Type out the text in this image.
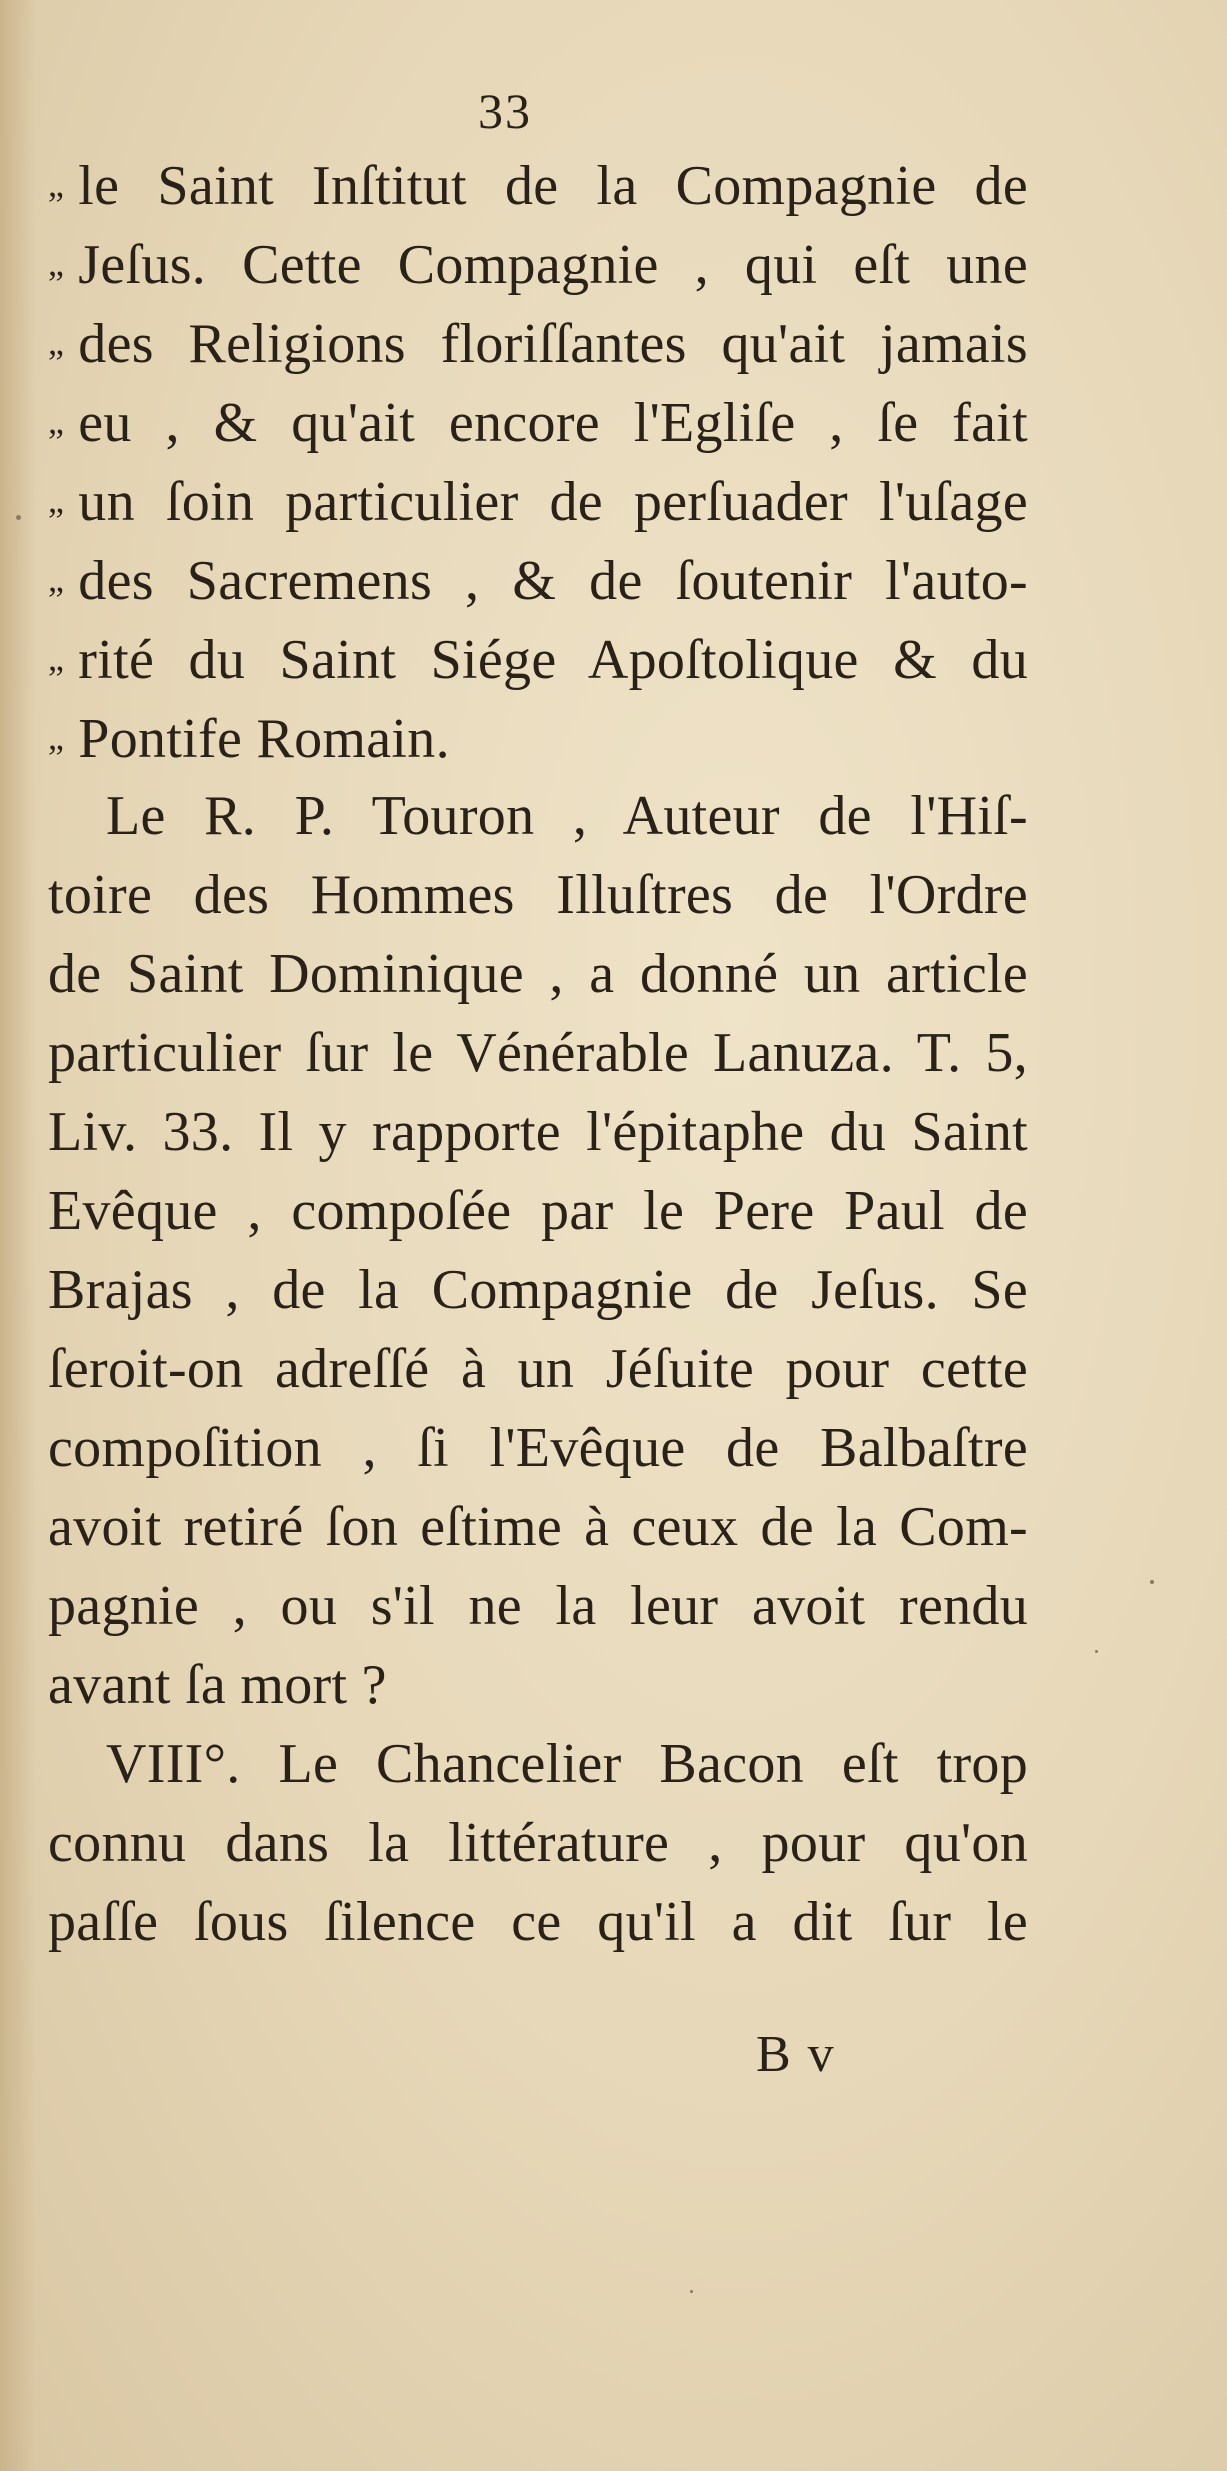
33
„ le Saint Inſtitut de la Compagnie de
„ Jeſus. Cette Compagnie , qui eſt une
„ des Religions floriſſantes qu'ait jamais
„ eu , & qu'ait encore l'Egliſe , ſe fait
„ un ſoin particulier de perſuader l'uſage
„ des Sacremens , & de ſoutenir l'auto-
„ rité du Saint Siége Apoſtolique & du
„ Pontife Romain.
Le R. P. Touron , Auteur de l'Hiſ-
toire des Hommes Illuſtres de l'Ordre
de Saint Dominique , a donné un article
particulier ſur le Vénérable Lanuza. T. 5,
Liv. 33. Il y rapporte l'épitaphe du Saint
Evêque , compoſée par le Pere Paul de
Brajas , de la Compagnie de Jeſus. Se
ſeroit-on adreſſé à un Jéſuite pour cette
compoſition , ſi l'Evêque de Balbaſtre
avoit retiré ſon eſtime à ceux de la Com-
pagnie , ou s'il ne la leur avoit rendu
avant ſa mort ?
VIII°. Le Chancelier Bacon eſt trop
connu dans la littérature , pour qu'on
paſſe ſous ſilence ce qu'il a dit ſur le
B v
